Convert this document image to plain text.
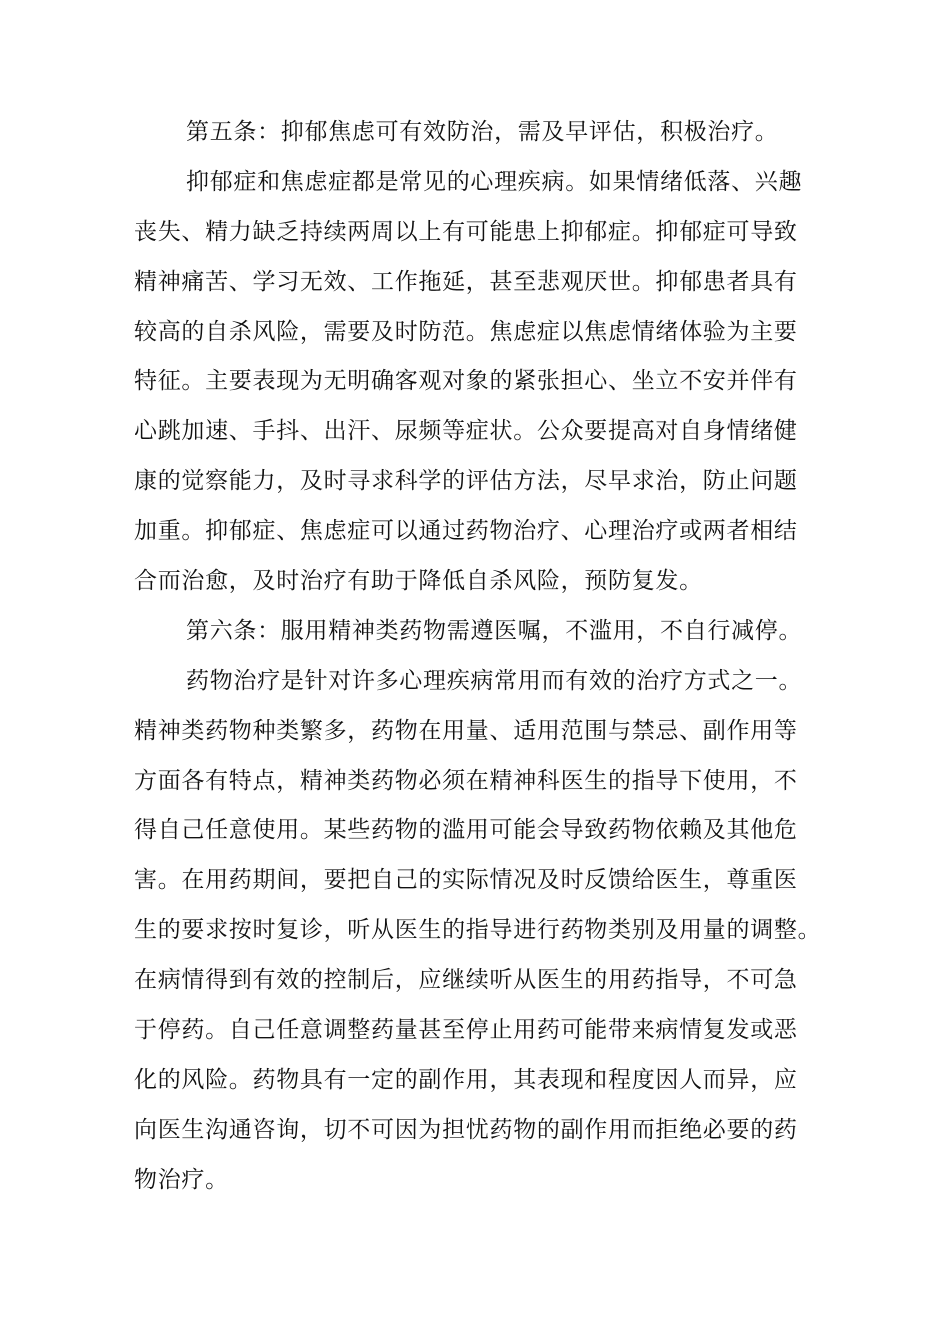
第五条：抑郁焦虑可有效防治，需及早评估，积极治疗。
抑郁症和焦虑症都是常见的心理疾病。如果情绪低落、兴趣
丧失、精力缺乏持续两周以上有可能患上抑郁症。抑郁症可导致
精神痛苦、学习无效、工作拖延，甚至悲观厌世。抑郁患者具有
较高的自杀风险，需要及时防范。焦虑症以焦虑情绪体验为主要
特征。主要表现为无明确客观对象的紧张担心、坐立不安并伴有
心跳加速、手抖、出汗、尿频等症状。公众要提高对自身情绪健
康的觉察能力，及时寻求科学的评估方法，尽早求治，防止问题
加重。抑郁症、焦虑症可以通过药物治疗、心理治疗或两者相结
合而治愈，及时治疗有助于降低自杀风险，预防复发。
第六条：服用精神类药物需遵医嘱，不滥用，不自行减停。
药物治疗是针对许多心理疾病常用而有效的治疗方式之一。
精神类药物种类繁多，药物在用量、适用范围与禁忌、副作用等
方面各有特点，精神类药物必须在精神科医生的指导下使用，不
得自己任意使用。某些药物的滥用可能会导致药物依赖及其他危
害。在用药期间，要把自己的实际情况及时反馈给医生，尊重医
生的要求按时复诊，听从医生的指导进行药物类别及用量的调整。
在病情得到有效的控制后，应继续听从医生的用药指导，不可急
于停药。自己任意调整药量甚至停止用药可能带来病情复发或恶
化的风险。药物具有一定的副作用，其表现和程度因人而异，应
向医生沟通咨询，切不可因为担忧药物的副作用而拒绝必要的药
物治疗。
